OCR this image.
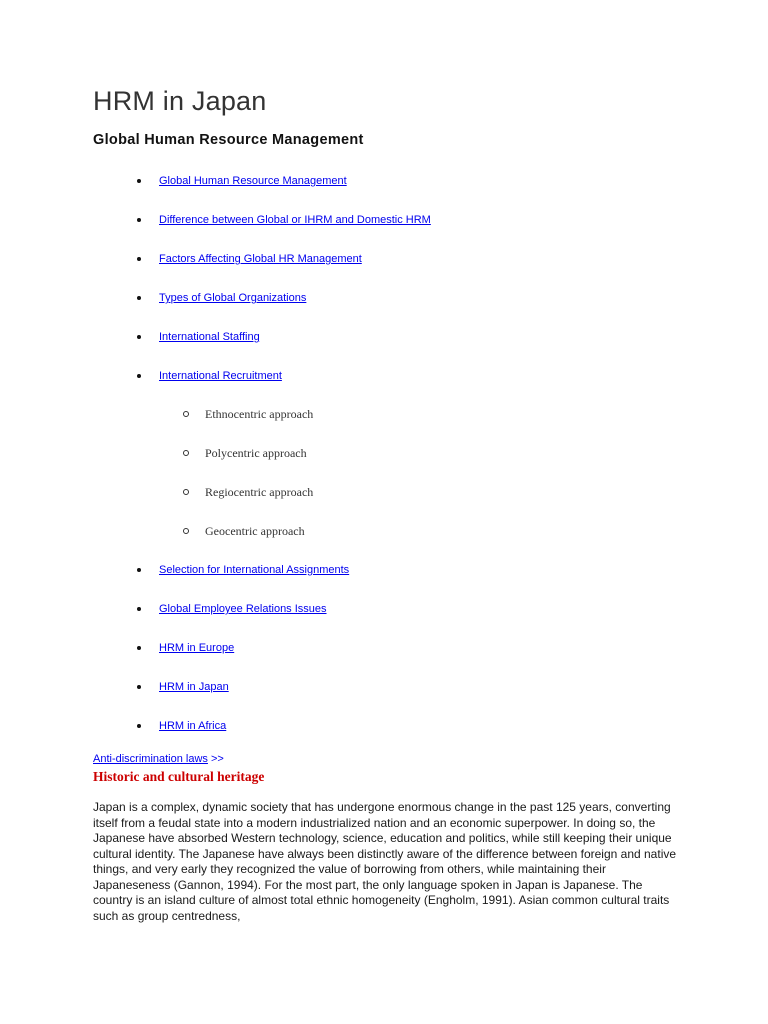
HRM in Japan
Global Human Resource Management
Global Human Resource Management
Difference between Global or IHRM and Domestic HRM
Factors Affecting Global HR Management
Types of Global Organizations
International Staffing
International Recruitment
Ethnocentric approach
Polycentric approach
Regiocentric approach
Geocentric approach
Selection for International Assignments
Global Employee Relations Issues
HRM in Europe
HRM in Japan
HRM in Africa
Anti-discrimination laws >>
Historic and cultural heritage

Japan is a complex, dynamic society that has undergone enormous change in the past 125 years, converting itself from a feudal state into a modern industrialized nation and an economic superpower. In doing so, the Japanese have absorbed Western technology, science, education and politics, while still keeping their unique cultural identity. The Japanese have always been distinctly aware of the difference between foreign and native things, and very early they recognized the value of borrowing from others, while maintaining their Japaneseness (Gannon, 1994). For the most part, the only language spoken in Japan is Japanese. The country is an island culture of almost total ethnic homogeneity (Engholm, 1991). Asian common cultural traits such as group centredness,
